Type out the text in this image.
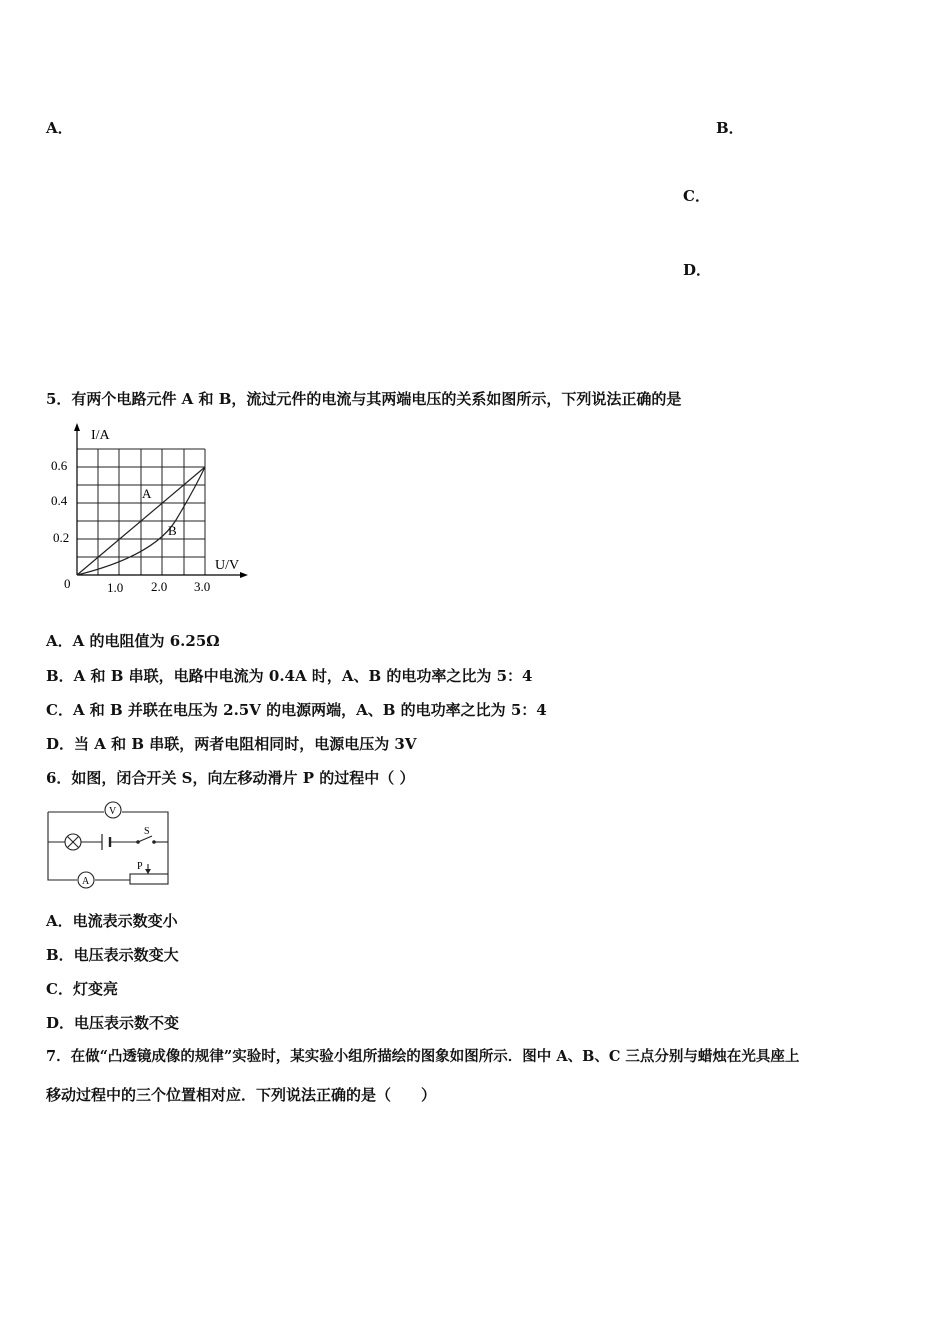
A．	B．
C．
D．
5．有两个电路元件 A 和 B，流过元件的电流与其两端电压的关系如图所示，下列说法正确的是
I/A
U/V
0
0.6
0.4
0.2
1.0 2.0 3.0
A
B
A．A 的电阻值为 6.25Ω
B．A 和 B 串联，电路中电流为 0.4A 时，A、B 的电功率之比为 5：4
C．A 和 B 并联在电压为 2.5V 的电源两端，A、B 的电功率之比为 5：4
D．当 A 和 B 串联，两者电阻相同时，电源电压为 3V
6．如图，闭合开关 S，向左移动滑片 P 的过程中（ ）
V
S
A
P
A．电流表示数变小
B．电压表示数变大
C．灯变亮
D．电压表示数不变
7．在做“凸透镜成像的规律”实验时，某实验小组所描绘的图象如图所示．图中 A、B、C 三点分别与蜡烛在光具座上
移动过程中的三个位置相对应．下列说法正确的是（　　）
